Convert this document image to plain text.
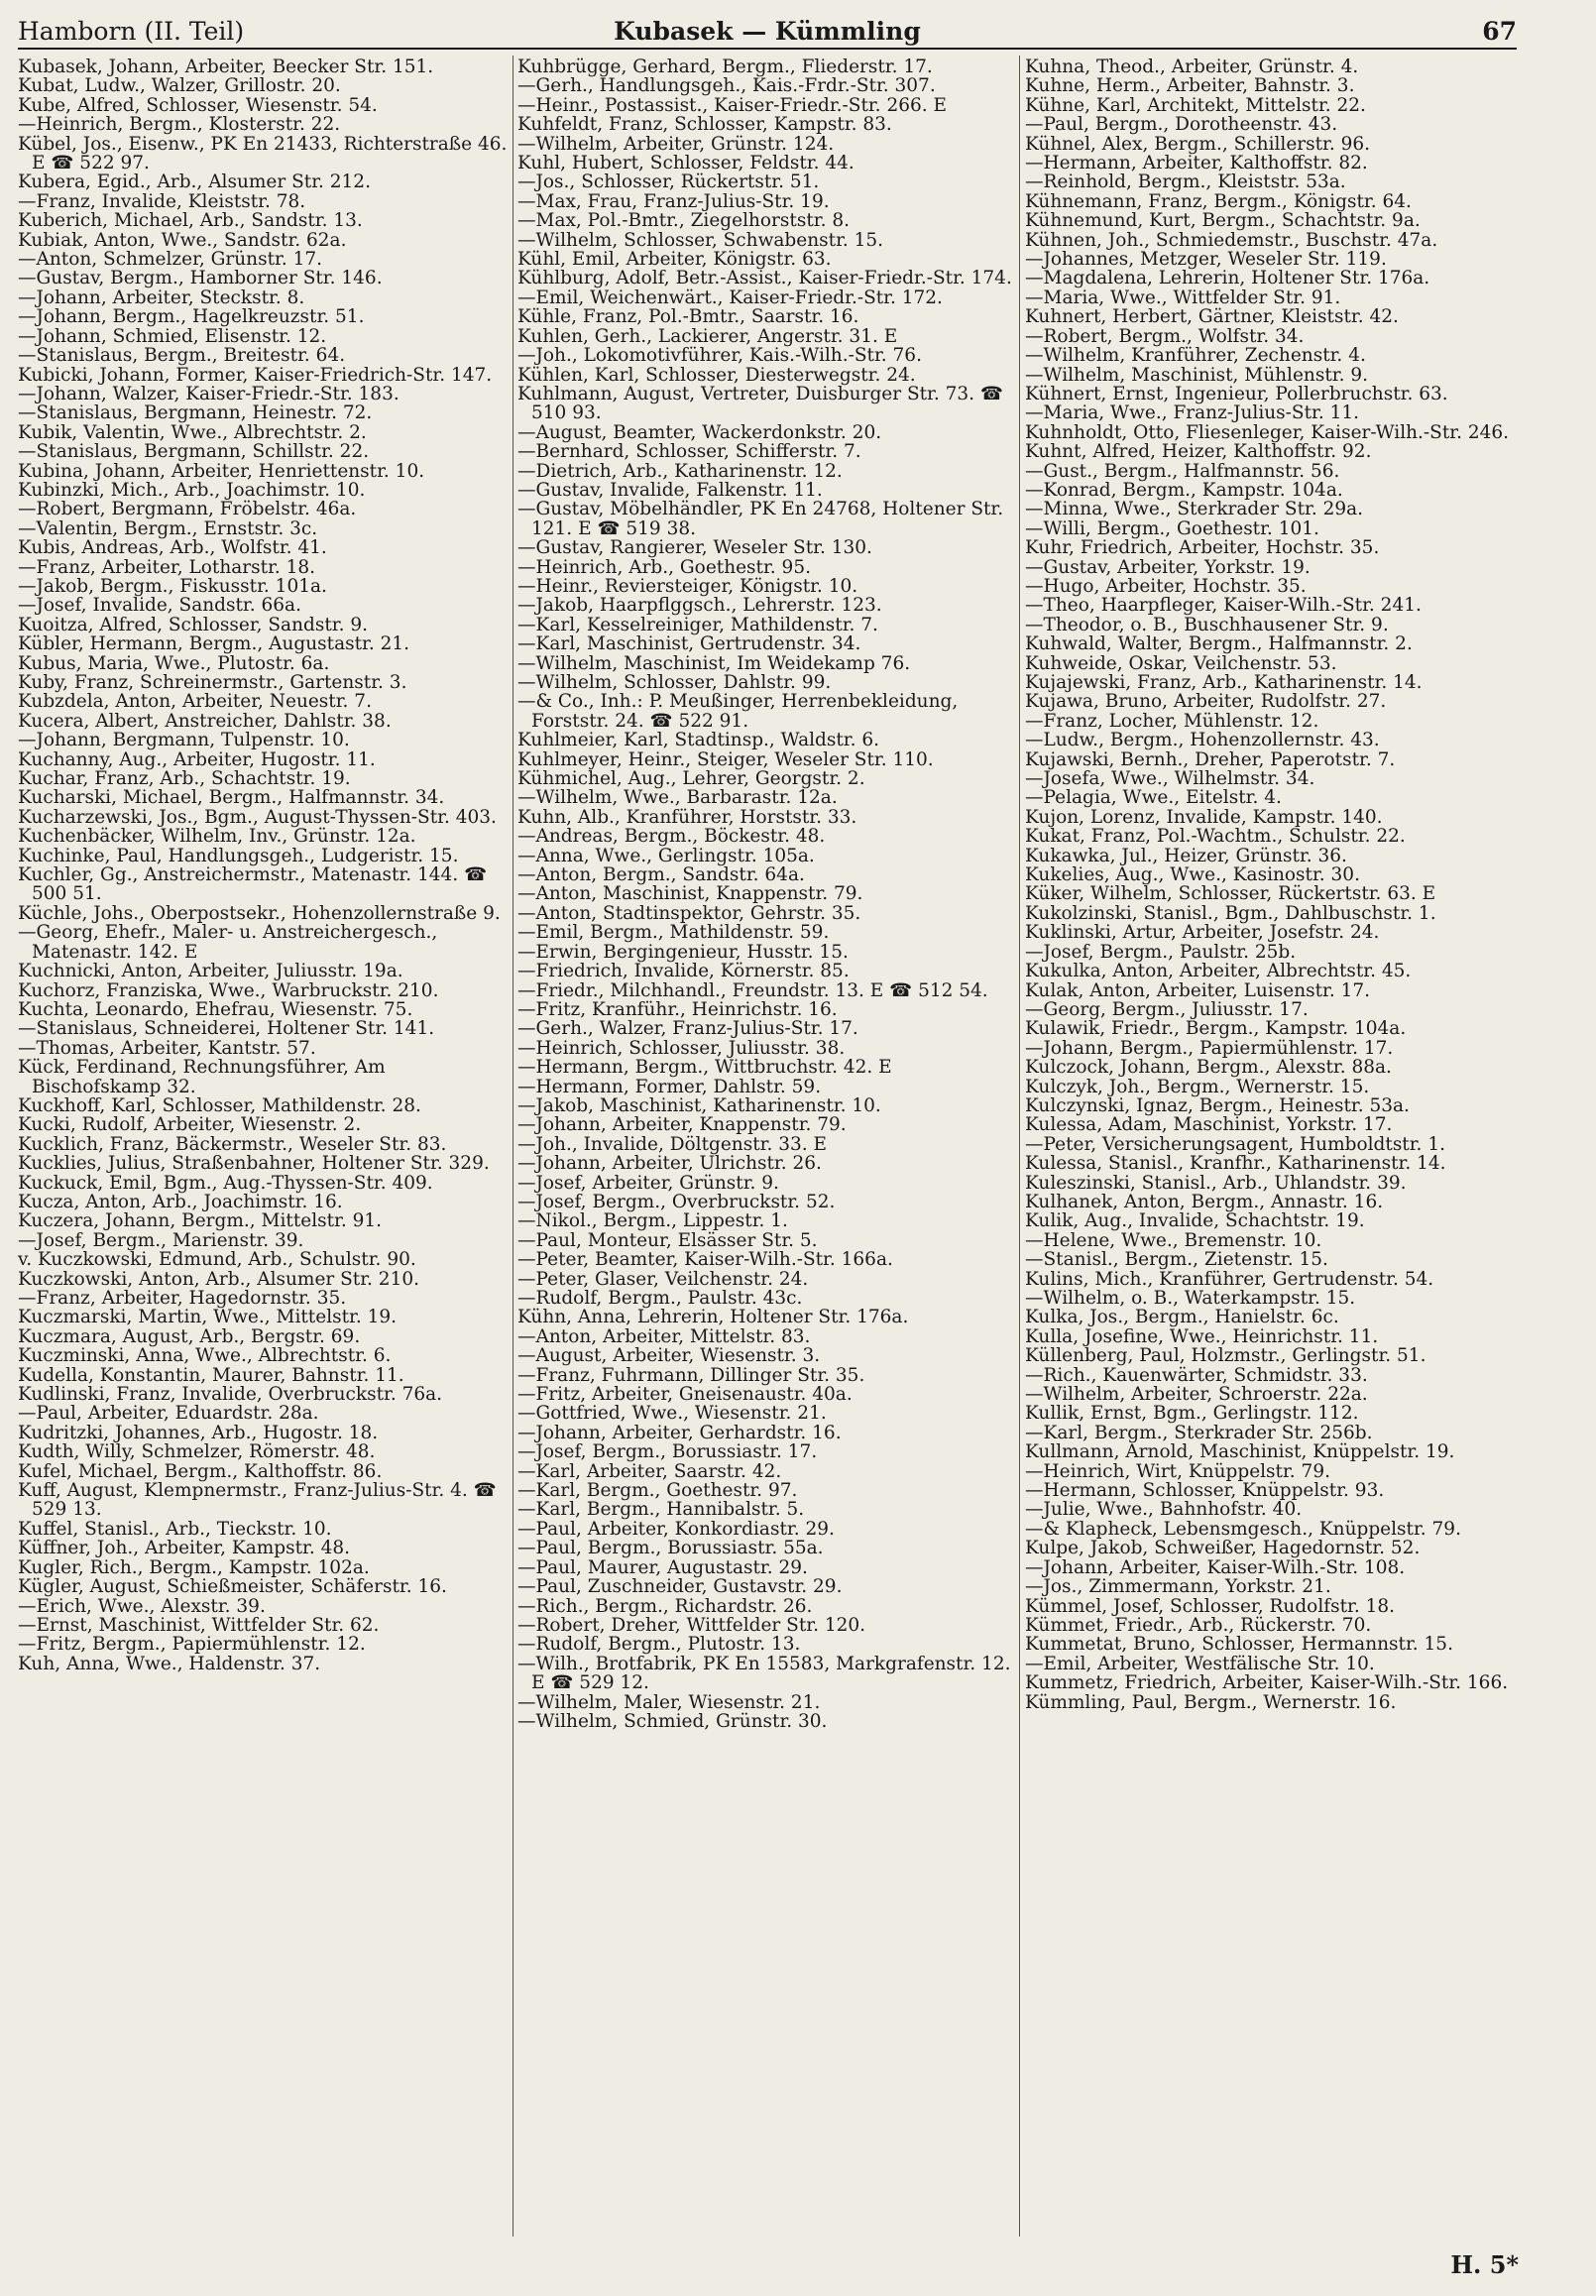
Hamborn (II. Teil)	Kubasek — Kümmling	67
Kubasek, Johann, Arbeiter, Beecker Str. 151.
Kubat, Ludw., Walzer, Grillostr. 20.
Kube, Alfred, Schlosser, Wiesenstr. 54.
—Heinrich, Bergm., Klosterstr. 22.
Kübel, Jos., Eisenw., PK En 21433, Richterstraße 46. E ☎ 522 97.
Kubera, Egid., Arb., Alsumer Str. 212.
—Franz, Invalide, Kleiststr. 78.
Kuberich, Michael, Arb., Sandstr. 13.
Kubiak, Anton, Wwe., Sandstr. 62a.
—Anton, Schmelzer, Grünstr. 17.
—Gustav, Bergm., Hamborner Str. 146.
—Johann, Arbeiter, Steckstr. 8.
—Johann, Bergm., Hagelkreuzstr. 51.
—Johann, Schmied, Elisenstr. 12.
—Stanislaus, Bergm., Breitestr. 64.
Kubicki, Johann, Former, Kaiser-Friedrich-Str. 147.
—Johann, Walzer, Kaiser-Friedr.-Str. 183.
—Stanislaus, Bergmann, Heinestr. 72.
Kubik, Valentin, Wwe., Albrechtstr. 2.
—Stanislaus, Bergmann, Schillstr. 22.
Kubina, Johann, Arbeiter, Henriettenstr. 10.
Kubinzki, Mich., Arb., Joachimstr. 10.
—Robert, Bergmann, Fröbelstr. 46a.
—Valentin, Bergm., Ernststr. 3c.
Kubis, Andreas, Arb., Wolfstr. 41.
—Franz, Arbeiter, Lotharstr. 18.
—Jakob, Bergm., Fiskusstr. 101a.
—Josef, Invalide, Sandstr. 66a.
Kuoitza, Alfred, Schlosser, Sandstr. 9.
Kübler, Hermann, Bergm., Augustastr. 21.
Kubus, Maria, Wwe., Plutostr. 6a.
Kuby, Franz, Schreinermstr., Gartenstr. 3.
Kubzdela, Anton, Arbeiter, Neuestr. 7.
Kucera, Albert, Anstreicher, Dahlstr. 38.
—Johann, Bergmann, Tulpenstr. 10.
Kuchanny, Aug., Arbeiter, Hugostr. 11.
Kuchar, Franz, Arb., Schachtstr. 19.
Kucharski, Michael, Bergm., Halfmannstr. 34.
Kucharzewski, Jos., Bgm., August-Thyssen-Str. 403.
Kuchenbäcker, Wilhelm, Inv., Grünstr. 12a.
Kuchinke, Paul, Handlungsgeh., Ludgeristr. 15.
Kuchler, Gg., Anstreichermstr., Matenastr. 144. ☎ 500 51.
Küchle, Johs., Oberpostsekr., Hohenzollernstraße 9.
—Georg, Ehefr., Maler- u. Anstreichergesch., Matenastr. 142. E
Kuchnicki, Anton, Arbeiter, Juliusstr. 19a.
Kuchorz, Franziska, Wwe., Warbruckstr. 210.
Kuchta, Leonardo, Ehefrau, Wiesenstr. 75.
—Stanislaus, Schneiderei, Holtener Str. 141.
—Thomas, Arbeiter, Kantstr. 57.
Kück, Ferdinand, Rechnungsführer, Am Bischofskamp 32.
Kuckhoff, Karl, Schlosser, Mathildenstr. 28.
Kucki, Rudolf, Arbeiter, Wiesenstr. 2.
Kucklich, Franz, Bäckermstr., Weseler Str. 83.
Kucklies, Julius, Straßenbahner, Holtener Str. 329.
Kuckuck, Emil, Bgm., Aug.-Thyssen-Str. 409.
Kucza, Anton, Arb., Joachimstr. 16.
Kuczera, Johann, Bergm., Mittelstr. 91.
—Josef, Bergm., Marienstr. 39.
v. Kuczkowski, Edmund, Arb., Schulstr. 90.
Kuczkowski, Anton, Arb., Alsumer Str. 210.
—Franz, Arbeiter, Hagedornstr. 35.
Kuczmarski, Martin, Wwe., Mittelstr. 19.
Kuczmara, August, Arb., Bergstr. 69.
Kuczminski, Anna, Wwe., Albrechtstr. 6.
Kudella, Konstantin, Maurer, Bahnstr. 11.
Kudlinski, Franz, Invalide, Overbruckstr. 76a.
—Paul, Arbeiter, Eduardstr. 28a.
Kudritzki, Johannes, Arb., Hugostr. 18.
Kudth, Willy, Schmelzer, Römerstr. 48.
Kufel, Michael, Bergm., Kalthoffstr. 86.
Kuff, August, Klempnermstr., Franz-Julius-Str. 4. ☎ 529 13.
Kuffel, Stanisl., Arb., Tieckstr. 10.
Küffner, Joh., Arbeiter, Kampstr. 48.
Kugler, Rich., Bergm., Kampstr. 102a.
Kügler, August, Schießmeister, Schäferstr. 16.
—Erich, Wwe., Alexstr. 39.
—Ernst, Maschinist, Wittfelder Str. 62.
—Fritz, Bergm., Papiermühlenstr. 12.
Kuh, Anna, Wwe., Haldenstr. 37.
Kuhbrügge, Gerhard, Bergm., Fliederstr. 17.
—Gerh., Handlungsgeh., Kais.-Frdr.-Str. 307.
—Heinr., Postassist., Kaiser-Friedr.-Str. 266. E
Kuhfeldt, Franz, Schlosser, Kampstr. 83.
—Wilhelm, Arbeiter, Grünstr. 124.
Kuhl, Hubert, Schlosser, Feldstr. 44.
—Jos., Schlosser, Rückertstr. 51.
—Max, Frau, Franz-Julius-Str. 19.
—Max, Pol.-Bmtr., Ziegelhorststr. 8.
—Wilhelm, Schlosser, Schwabenstr. 15.
Kühl, Emil, Arbeiter, Königstr. 63.
Kühlburg, Adolf, Betr.-Assist., Kaiser-Friedr.-Str. 174.
—Emil, Weichenwärt., Kaiser-Friedr.-Str. 172.
Kühle, Franz, Pol.-Bmtr., Saarstr. 16.
Kuhlen, Gerh., Lackierer, Angerstr. 31. E
—Joh., Lokomotivführer, Kais.-Wilh.-Str. 76.
Kühlen, Karl, Schlosser, Diesterwegstr. 24.
Kuhlmann, August, Vertreter, Duisburger Str. 73. ☎ 510 93.
—August, Beamter, Wackerdonkstr. 20.
—Bernhard, Schlosser, Schifferstr. 7.
—Dietrich, Arb., Katharinenstr. 12.
—Gustav, Invalide, Falkenstr. 11.
—Gustav, Möbelhändler, PK En 24768, Holtener Str. 121. E ☎ 519 38.
—Gustav, Rangierer, Weseler Str. 130.
—Heinrich, Arb., Goethestr. 95.
—Heinr., Reviersteiger, Königstr. 10.
—Jakob, Haarpflggsch., Lehrerstr. 123.
—Karl, Kesselreiniger, Mathildenstr. 7.
—Karl, Maschinist, Gertrudenstr. 34.
—Wilhelm, Maschinist, Im Weidekamp 76.
—Wilhelm, Schlosser, Dahlstr. 99.
—& Co., Inh.: P. Meußinger, Herrenbekleidung, Forststr. 24. ☎ 522 91.
Kuhlmeier, Karl, Stadtinsp., Waldstr. 6.
Kuhlmeyer, Heinr., Steiger, Weseler Str. 110.
Kühmichel, Aug., Lehrer, Georgstr. 2.
—Wilhelm, Wwe., Barbarastr. 12a.
Kuhn, Alb., Kranführer, Horststr. 33.
—Andreas, Bergm., Böckestr. 48.
—Anna, Wwe., Gerlingstr. 105a.
—Anton, Bergm., Sandstr. 64a.
—Anton, Maschinist, Knappenstr. 79.
—Anton, Stadtinspektor, Gehrstr. 35.
—Emil, Bergm., Mathildenstr. 59.
—Erwin, Bergingenieur, Husstr. 15.
—Friedrich, Invalide, Körnerstr. 85.
—Friedr., Milchhandl., Freundstr. 13. E ☎ 512 54.
—Fritz, Kranführ., Heinrichstr. 16.
—Gerh., Walzer, Franz-Julius-Str. 17.
—Heinrich, Schlosser, Juliusstr. 38.
—Hermann, Bergm., Wittbruchstr. 42. E
—Hermann, Former, Dahlstr. 59.
—Jakob, Maschinist, Katharinenstr. 10.
—Johann, Arbeiter, Knappenstr. 79.
—Joh., Invalide, Döltgenstr. 33. E
—Johann, Arbeiter, Ulrichstr. 26.
—Josef, Arbeiter, Grünstr. 9.
—Josef, Bergm., Overbruckstr. 52.
—Nikol., Bergm., Lippestr. 1.
—Paul, Monteur, Elsässer Str. 5.
—Peter, Beamter, Kaiser-Wilh.-Str. 166a.
—Peter, Glaser, Veilchenstr. 24.
—Rudolf, Bergm., Paulstr. 43c.
Kühn, Anna, Lehrerin, Holtener Str. 176a.
—Anton, Arbeiter, Mittelstr. 83.
—August, Arbeiter, Wiesenstr. 3.
—Franz, Fuhrmann, Dillinger Str. 35.
—Fritz, Arbeiter, Gneisenaustr. 40a.
—Gottfried, Wwe., Wiesenstr. 21.
—Johann, Arbeiter, Gerhardstr. 16.
—Josef, Bergm., Borussiastr. 17.
—Karl, Arbeiter, Saarstr. 42.
—Karl, Bergm., Goethestr. 97.
—Karl, Bergm., Hannibalstr. 5.
—Paul, Arbeiter, Konkordiastr. 29.
—Paul, Bergm., Borussiastr. 55a.
—Paul, Maurer, Augustastr. 29.
—Paul, Zuschneider, Gustavstr. 29.
—Rich., Bergm., Richardstr. 26.
—Robert, Dreher, Wittfelder Str. 120.
—Rudolf, Bergm., Plutostr. 13.
—Wilh., Brotfabrik, PK En 15583, Markgrafenstr. 12. E ☎ 529 12.
—Wilhelm, Maler, Wiesenstr. 21.
—Wilhelm, Schmied, Grünstr. 30.
Kuhna, Theod., Arbeiter, Grünstr. 4.
Kuhne, Herm., Arbeiter, Bahnstr. 3.
Kühne, Karl, Architekt, Mittelstr. 22.
—Paul, Bergm., Dorotheenstr. 43.
Kühnel, Alex, Bergm., Schillerstr. 96.
—Hermann, Arbeiter, Kalthoffstr. 82.
—Reinhold, Bergm., Kleiststr. 53a.
Kühnemann, Franz, Bergm., Königstr. 64.
Kühnemund, Kurt, Bergm., Schachtstr. 9a.
Kühnen, Joh., Schmiedemstr., Buschstr. 47a.
—Johannes, Metzger, Weseler Str. 119.
—Magdalena, Lehrerin, Holtener Str. 176a.
—Maria, Wwe., Wittfelder Str. 91.
Kuhnert, Herbert, Gärtner, Kleiststr. 42.
—Robert, Bergm., Wolfstr. 34.
—Wilhelm, Kranführer, Zechenstr. 4.
—Wilhelm, Maschinist, Mühlenstr. 9.
Kühnert, Ernst, Ingenieur, Pollerbruchstr. 63.
—Maria, Wwe., Franz-Julius-Str. 11.
Kuhnholdt, Otto, Fliesenleger, Kaiser-Wilh.-Str. 246.
Kuhnt, Alfred, Heizer, Kalthoffstr. 92.
—Gust., Bergm., Halfmannstr. 56.
—Konrad, Bergm., Kampstr. 104a.
—Minna, Wwe., Sterkrader Str. 29a.
—Willi, Bergm., Goethestr. 101.
Kuhr, Friedrich, Arbeiter, Hochstr. 35.
—Gustav, Arbeiter, Yorkstr. 19.
—Hugo, Arbeiter, Hochstr. 35.
—Theo, Haarpfleger, Kaiser-Wilh.-Str. 241.
—Theodor, o. B., Buschhausener Str. 9.
Kuhwald, Walter, Bergm., Halfmannstr. 2.
Kuhweide, Oskar, Veilchenstr. 53.
Kujajewski, Franz, Arb., Katharinenstr. 14.
Kujawa, Bruno, Arbeiter, Rudolfstr. 27.
—Franz, Locher, Mühlenstr. 12.
—Ludw., Bergm., Hohenzollernstr. 43.
Kujawski, Bernh., Dreher, Paperotstr. 7.
—Josefa, Wwe., Wilhelmstr. 34.
—Pelagia, Wwe., Eitelstr. 4.
Kujon, Lorenz, Invalide, Kampstr. 140.
Kukat, Franz, Pol.-Wachtm., Schulstr. 22.
Kukawka, Jul., Heizer, Grünstr. 36.
Kukelies, Aug., Wwe., Kasinostr. 30.
Küker, Wilhelm, Schlosser, Rückertstr. 63. E
Kukolzinski, Stanisl., Bgm., Dahlbuschstr. 1.
Kuklinski, Artur, Arbeiter, Josefstr. 24.
—Josef, Bergm., Paulstr. 25b.
Kukulka, Anton, Arbeiter, Albrechtstr. 45.
Kulak, Anton, Arbeiter, Luisenstr. 17.
—Georg, Bergm., Juliusstr. 17.
Kulawik, Friedr., Bergm., Kampstr. 104a.
—Johann, Bergm., Papiermühlenstr. 17.
Kulczock, Johann, Bergm., Alexstr. 88a.
Kulczyk, Joh., Bergm., Wernerstr. 15.
Kulczynski, Ignaz, Bergm., Heinestr. 53a.
Kulessa, Adam, Maschinist, Yorkstr. 17.
—Peter, Versicherungsagent, Humboldtstr. 1.
Kulessa, Stanisl., Kranfhr., Katharinenstr. 14.
Kuleszinski, Stanisl., Arb., Uhlandstr. 39.
Kulhanek, Anton, Bergm., Annastr. 16.
Kulik, Aug., Invalide, Schachtstr. 19.
—Helene, Wwe., Bremenstr. 10.
—Stanisl., Bergm., Zietenstr. 15.
Kulins, Mich., Kranführer, Gertrudenstr. 54.
—Wilhelm, o. B., Waterkampstr. 15.
Kulka, Jos., Bergm., Hanielstr. 6c.
Kulla, Josefine, Wwe., Heinrichstr. 11.
Küllenberg, Paul, Holzmstr., Gerlingstr. 51.
—Rich., Kauenwärter, Schmidstr. 33.
—Wilhelm, Arbeiter, Schroerstr. 22a.
Kullik, Ernst, Bgm., Gerlingstr. 112.
—Karl, Bergm., Sterkrader Str. 256b.
Kullmann, Arnold, Maschinist, Knüppelstr. 19.
—Heinrich, Wirt, Knüppelstr. 79.
—Hermann, Schlosser, Knüppelstr. 93.
—Julie, Wwe., Bahnhofstr. 40.
—& Klapheck, Lebensmgesch., Knüppelstr. 79.
Kulpe, Jakob, Schweißer, Hagedornstr. 52.
—Johann, Arbeiter, Kaiser-Wilh.-Str. 108.
—Jos., Zimmermann, Yorkstr. 21.
Kümmel, Josef, Schlosser, Rudolfstr. 18.
Kümmet, Friedr., Arb., Rückerstr. 70.
Kummetat, Bruno, Schlosser, Hermannstr. 15.
—Emil, Arbeiter, Westfälische Str. 10.
Kummetz, Friedrich, Arbeiter, Kaiser-Wilh.-Str. 166.
Kümmling, Paul, Bergm., Wernerstr. 16.
H. 5*
